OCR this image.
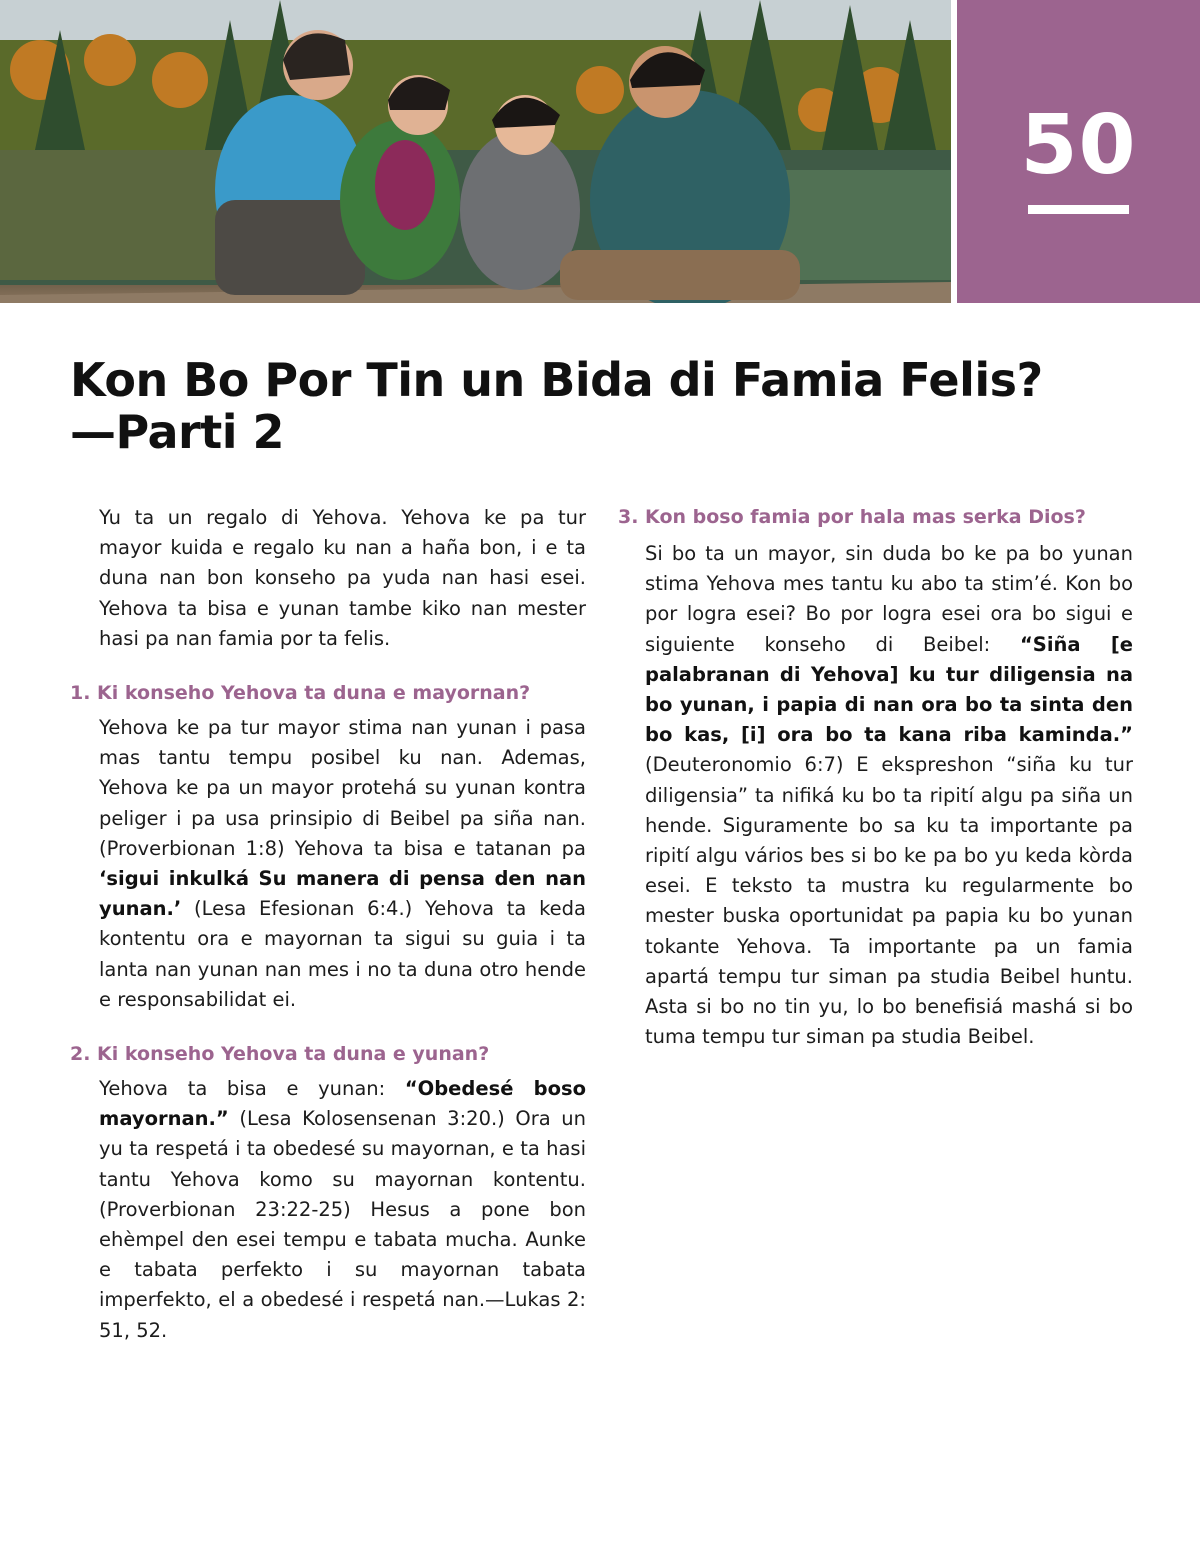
50
Kon Bo Por Tin un Bida di Famia Felis?
—Parti 2

Yu ta un regalo di Yehova. Yehova ke pa tur mayor kuida e regalo ku nan a haña bon, i e ta duna nan bon konseho pa yuda nan hasi esei. Yehova ta bisa e yunan tambe kiko nan mester hasi pa nan famia por ta felis.

1. Ki konseho Yehova ta duna e mayornan?

Yehova ke pa tur mayor stima nan yunan i pasa mas tantu tempu posibel ku nan. Ademas, Yehova ke pa un mayor protehá su yunan kontra peliger i pa usa prinsipio di Beibel pa siña nan. (Proverbionan 1:8) Yehova ta bisa e tatanan pa ‘sigui inkulká Su manera di pensa den nan yunan.’ (Lesa Efesionan 6:4.) Yehova ta keda kontentu ora e mayornan ta sigui su guia i ta lanta nan yunan nan mes i no ta duna otro hende e responsabilidat ei.

2. Ki konseho Yehova ta duna e yunan?

Yehova ta bisa e yunan: “Obedesé boso mayornan.” (Lesa Kolosensenan 3:20.) Ora un yu ta respetá i ta obedesé su mayornan, e ta hasi tantu Yehova komo su mayornan kontentu. (Proverbionan 23:22-25) Hesus a pone bon ehèmpel den esei tempu e tabata mucha. Aunke e tabata perfekto i su mayornan tabata imperfekto, el a obedesé i respetá nan.—Lukas 2: 51, 52.

3. Kon boso famia por hala mas serka Dios?

Si bo ta un mayor, sin duda bo ke pa bo yunan stima Yehova mes tantu ku abo ta stim’é. Kon bo por logra esei? Bo por logra esei ora bo sigui e siguiente konseho di Beibel: “Siña [e palabranan di Yehova] ku tur diligensia na bo yunan, i papia di nan ora bo ta sinta den bo kas, [i] ora bo ta kana riba kaminda.” (Deuteronomio 6:7) E ekspreshon “siña ku tur diligensia” ta nifiká ku bo ta ripití algu pa siña un hende. Siguramente bo sa ku ta importante pa ripití algu vários bes si bo ke pa bo yu keda kòrda esei. E teksto ta mustra ku regularmente bo mester buska oportunidat pa papia ku bo yunan tokante Yehova. Ta importante pa un famia apartá tempu tur siman pa studia Beibel huntu. Asta si bo no tin yu, lo bo benefisiá mashá si bo tuma tempu tur siman pa studia Beibel.
